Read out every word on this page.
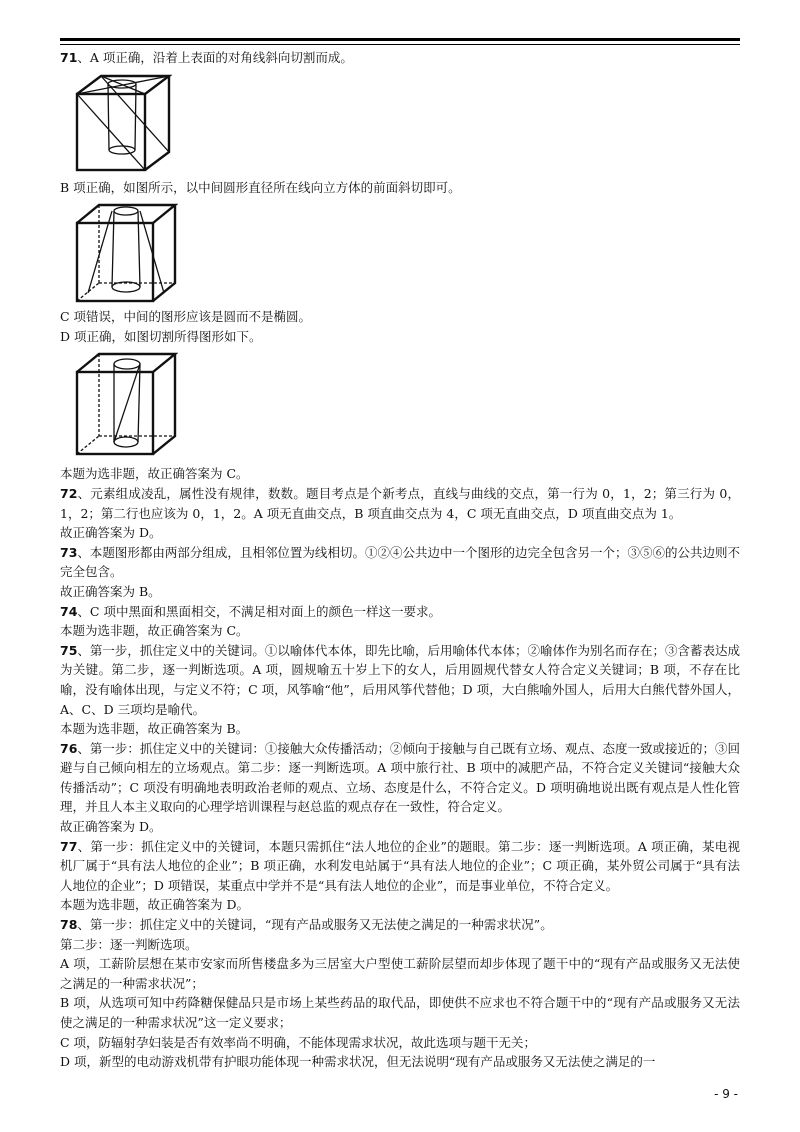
71、A 项正确，沿着上表面的对角线斜向切割而成。
B 项正确，如图所示，以中间圆形直径所在线向立方体的前面斜切即可。
C 项错误，中间的图形应该是圆而不是椭圆。
D 项正确，如图切割所得图形如下。
本题为选非题，故正确答案为 C。
72、元素组成凌乱，属性没有规律，数数。题目考点是个新考点，直线与曲线的交点，第一行为 0，1，2；第三行为 0，1，2；第二行也应该为 0，1，2。A 项无直曲交点，B 项直曲交点为 4，C 项无直曲交点，D 项直曲交点为 1。
故正确答案为 D。
73、本题图形都由两部分组成，且相邻位置为线相切。①②④公共边中一个图形的边完全包含另一个；③⑤⑥的公共边则不完全包含。
故正确答案为 B。
74、C 项中黑面和黑面相交，不满足相对面上的颜色一样这一要求。
本题为选非题，故正确答案为 C。
75、第一步，抓住定义中的关键词。①以喻体代本体，即先比喻，后用喻体代本体；②喻体作为别名而存在；③含蓄表达成为关键。第二步，逐一判断选项。A 项，圆规喻五十岁上下的女人，后用圆规代替女人符合定义关键词；B 项，不存在比喻，没有喻体出现，与定义不符；C 项，风筝喻“他”，后用风筝代替他；D 项，大白熊喻外国人，后用大白熊代替外国人，A、C、D 三项均是喻代。
本题为选非题，故正确答案为 B。
76、第一步：抓住定义中的关键词：①接触大众传播活动；②倾向于接触与自己既有立场、观点、态度一致或接近的；③回避与自己倾向相左的立场观点。第二步：逐一判断选项。A 项中旅行社、B 项中的减肥产品，不符合定义关键词“接触大众传播活动”；C 项没有明确地表明政治老师的观点、立场、态度是什么，不符合定义。D 项明确地说出既有观点是人性化管理，并且人本主义取向的心理学培训课程与赵总监的观点存在一致性，符合定义。
故正确答案为 D。
77、第一步：抓住定义中的关键词，本题只需抓住“法人地位的企业”的题眼。第二步：逐一判断选项。A 项正确，某电视机厂属于“具有法人地位的企业”；B 项正确，水利发电站属于“具有法人地位的企业”；C 项正确，某外贸公司属于“具有法人地位的企业”；D 项错误，某重点中学并不是“具有法人地位的企业”，而是事业单位，不符合定义。
本题为选非题，故正确答案为 D。
78、第一步：抓住定义中的关键词，“现有产品或服务又无法使之满足的一种需求状况”。
第二步：逐一判断选项。
A 项，工薪阶层想在某市安家而所售楼盘多为三居室大户型使工薪阶层望而却步体现了题干中的“现有产品或服务又无法使之满足的一种需求状况”；
B 项，从选项可知中药降糖保健品只是市场上某些药品的取代品，即使供不应求也不符合题干中的“现有产品或服务又无法使之满足的一种需求状况”这一定义要求；
C 项，防辐射孕妇装是否有效率尚不明确，不能体现需求状况，故此选项与题干无关；
D 项，新型的电动游戏机带有护眼功能体现一种需求状况，但无法说明“现有产品或服务又无法使之满足的一
- 9 -
